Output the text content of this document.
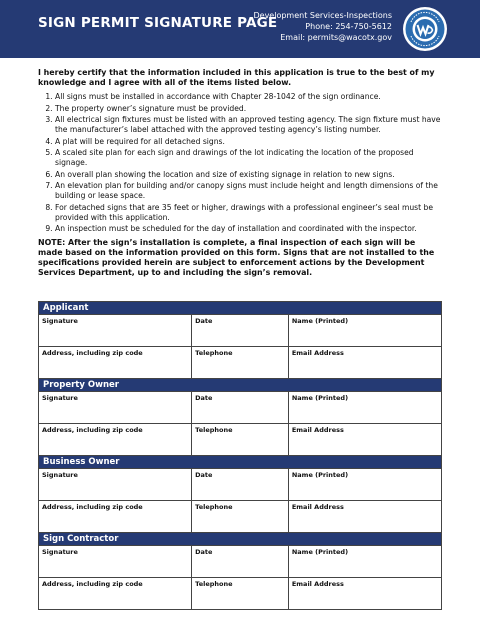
SIGN PERMIT SIGNATURE PAGE
Development Services-Inspections
Phone: 254-750-5612
Email: permits@wacotx.gov

I hereby certify that the information included in this application is true to the best of my knowledge and I agree with all of the items listed below.

1. All signs must be installed in accordance with Chapter 28-1042 of the sign ordinance.
2. The property owner’s signature must be provided.
3. All electrical sign fixtures must be listed with an approved testing agency. The sign fixture must have the manufacturer’s label attached with the approved testing agency’s listing number.
4. A plat will be required for all detached signs.
5. A scaled site plan for each sign and drawings of the lot indicating the location of the proposed signage.
6. An overall plan showing the location and size of existing signage in relation to new signs.
7. An elevation plan for building and/or canopy signs must include height and length dimensions of the building or lease space.
8. For detached signs that are 35 feet or higher, drawings with a professional engineer’s seal must be provided with this application.
9. An inspection must be scheduled for the day of installation and coordinated with the inspector.

NOTE: After the sign’s installation is complete, a final inspection of each sign will be made based on the information provided on this form. Signs that are not installed to the specifications provided herein are subject to enforcement actions by the Development Services Department, up to and including the sign’s removal.

Applicant		
Signature	Date	Name (Printed)
Address, including zip code	Telephone	Email Address
Property Owner		
Signature	Date	Name (Printed)
Address, including zip code	Telephone	Email Address
Business Owner		
Signature	Date	Name (Printed)
Address, including zip code	Telephone	Email Address
Sign Contractor		
Signature	Date	Name (Printed)
Address, including zip code	Telephone	Email Address
